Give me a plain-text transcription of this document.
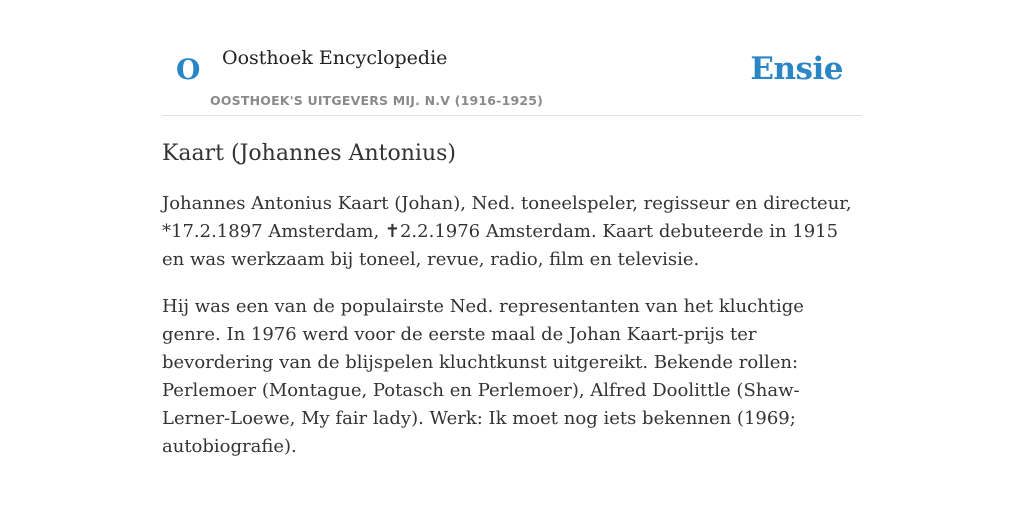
O Oosthoek Encyclopedie
OOSTHOEK'S UITGEVERS MIJ. N.V (1916-1925)
Ensie
Kaart (Johannes Antonius)

Johannes Antonius Kaart (Johan), Ned. toneelspeler, regisseur en directeur, *17.2.1897 Amsterdam, ✝2.2.1976 Amsterdam. Kaart debuteerde in 1915 en was werkzaam bij toneel, revue, radio, film en televisie.

Hij was een van de populairste Ned. representanten van het kluchtige genre. In 1976 werd voor de eerste maal de Johan Kaart-prijs ter bevordering van de blijspelen kluchtkunst uitgereikt. Bekende rollen: Perlemoer (Montague, Potasch en Perlemoer), Alfred Doolittle (Shaw-Lerner-Loewe, My fair lady). Werk: Ik moet nog iets bekennen (1969; autobiografie).
